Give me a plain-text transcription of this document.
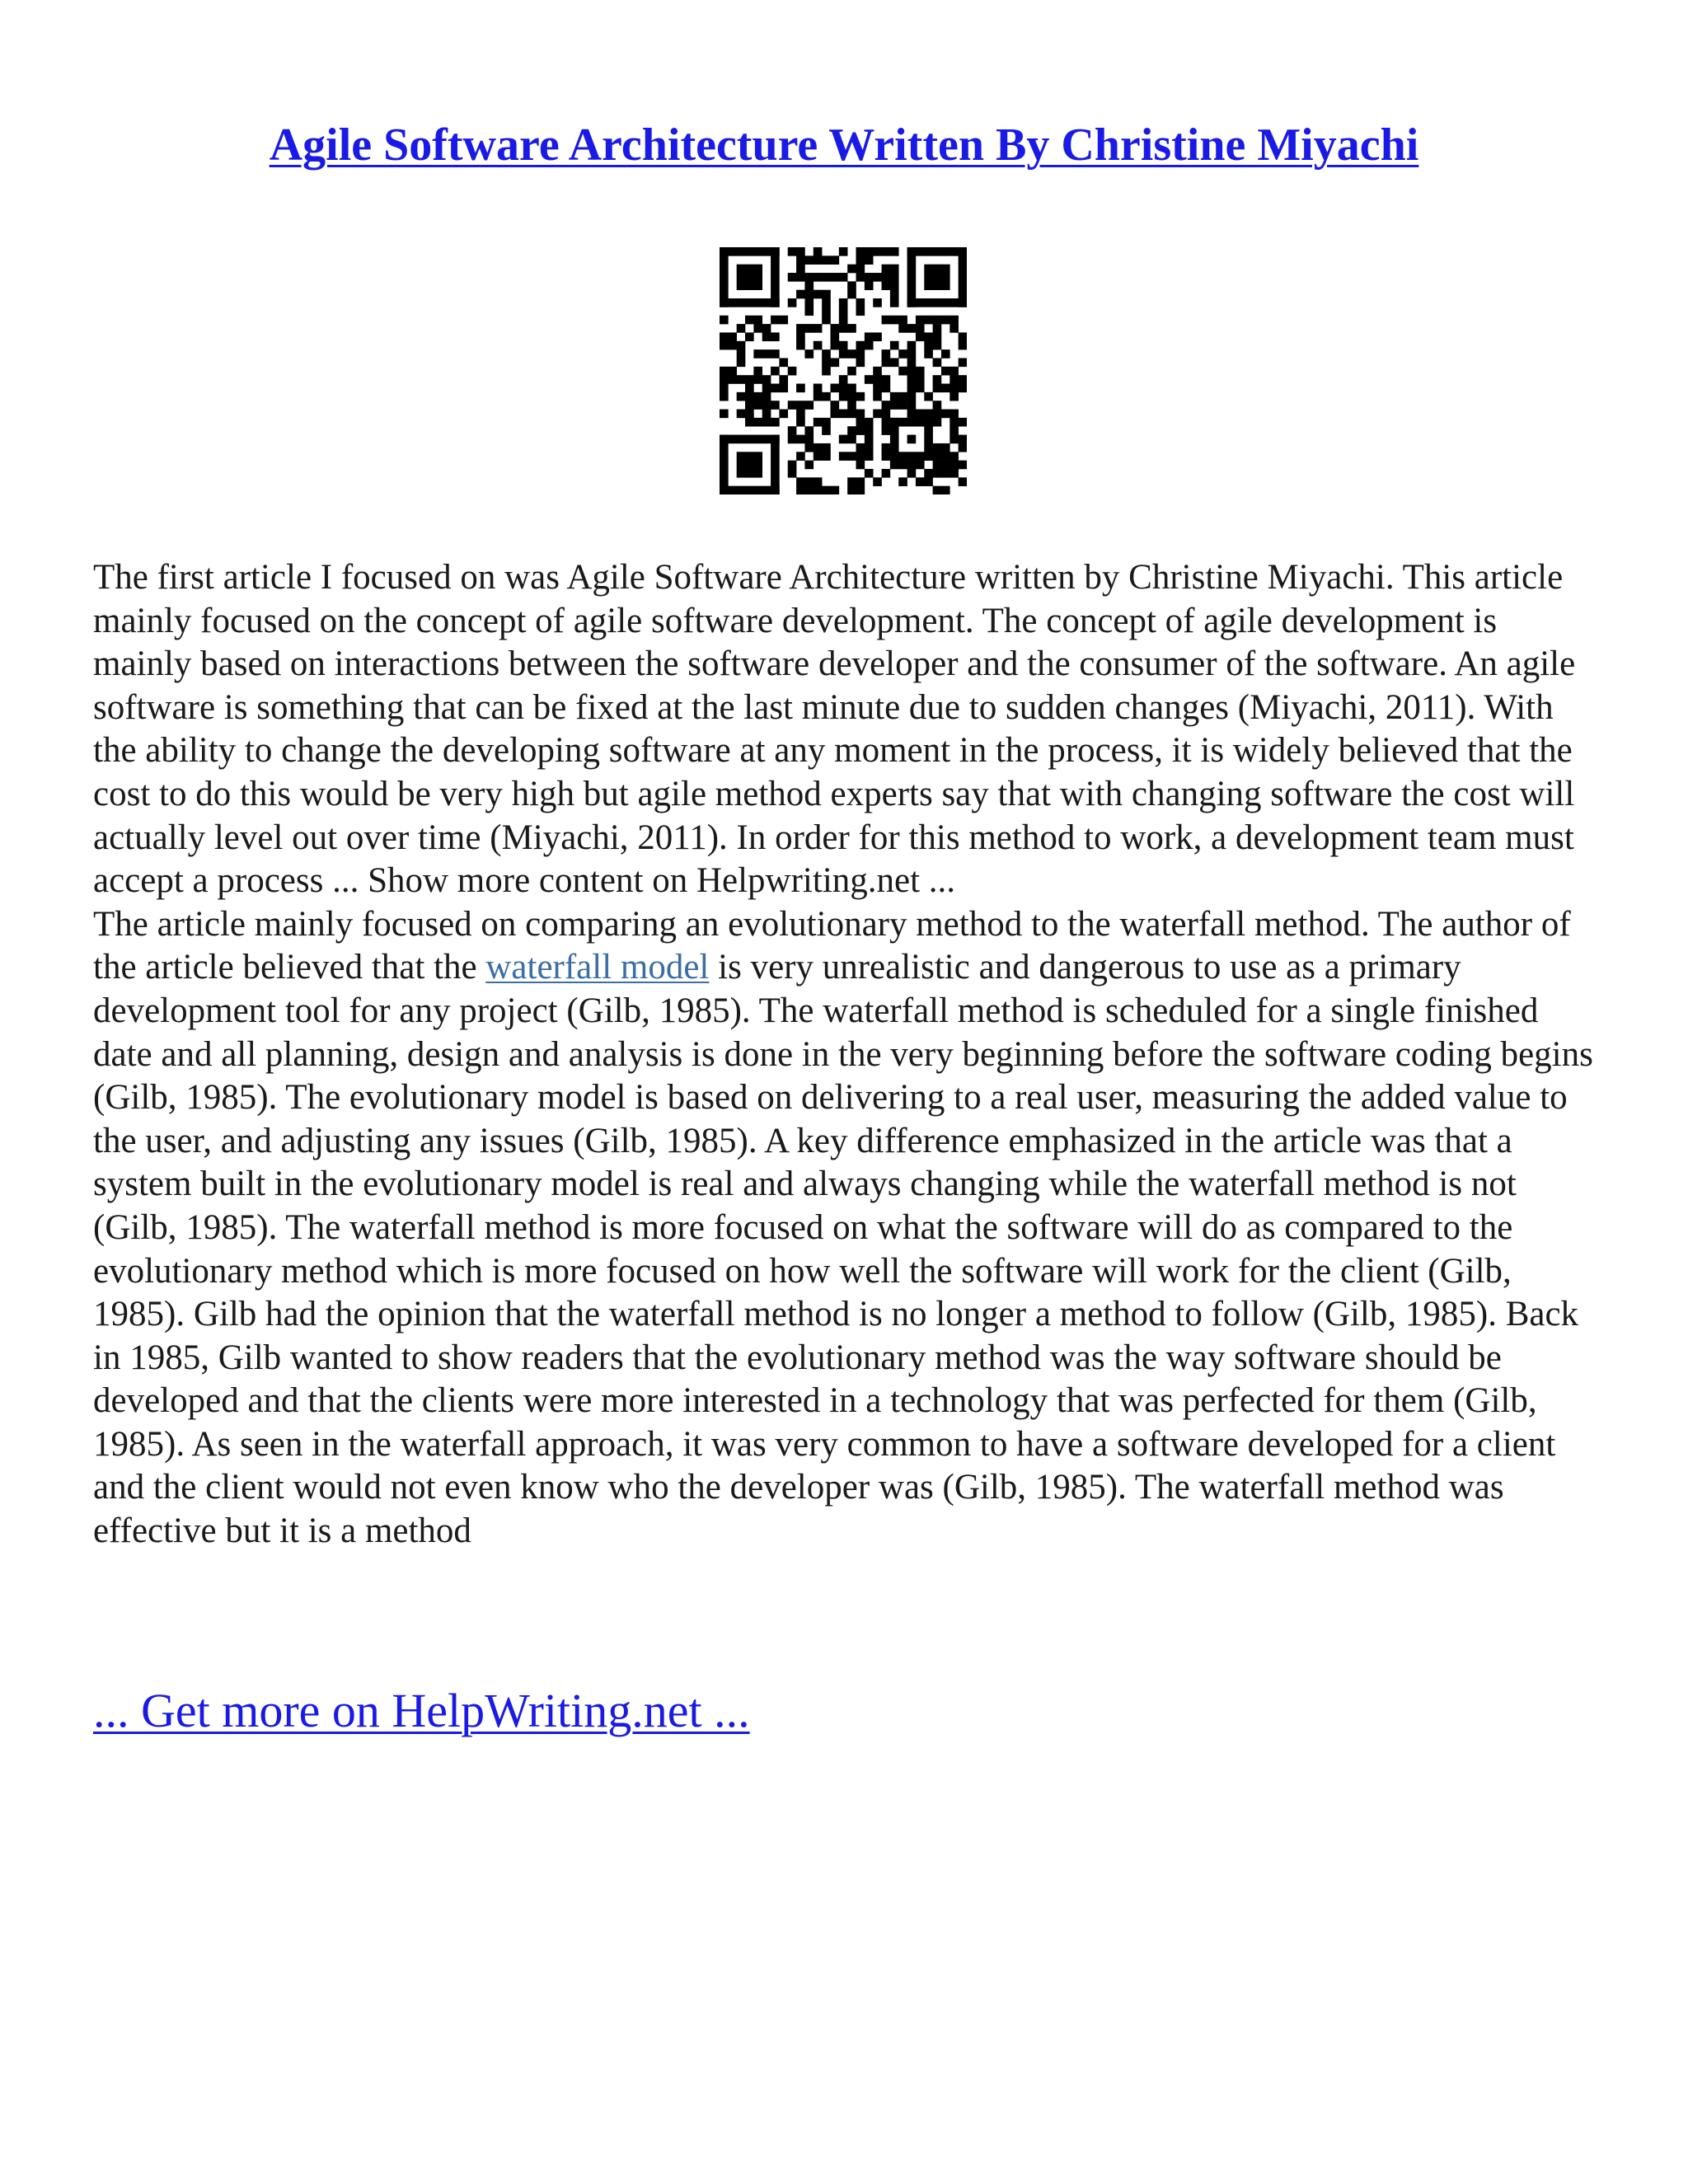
Agile Software Architecture Written By Christine Miyachi

The first article I focused on was Agile Software Architecture written by Christine Miyachi. This article mainly focused on the concept of agile software development. The concept of agile development is mainly based on interactions between the software developer and the consumer of the software. An agile software is something that can be fixed at the last minute due to sudden changes (Miyachi, 2011). With the ability to change the developing software at any moment in the process, it is widely believed that the cost to do this would be very high but agile method experts say that with changing software the cost will actually level out over time (Miyachi, 2011). In order for this method to work, a development team must accept a process ... Show more content on Helpwriting.net ...

The article mainly focused on comparing an evolutionary method to the waterfall method. The author of the article believed that the waterfall model is very unrealistic and dangerous to use as a primary development tool for any project (Gilb, 1985). The waterfall method is scheduled for a single finished date and all planning, design and analysis is done in the very beginning before the software coding begins (Gilb, 1985). The evolutionary model is based on delivering to a real user, measuring the added value to the user, and adjusting any issues (Gilb, 1985). A key difference emphasized in the article was that a system built in the evolutionary model is real and always changing while the waterfall method is not (Gilb, 1985). The waterfall method is more focused on what the software will do as compared to the evolutionary method which is more focused on how well the software will work for the client (Gilb, 1985). Gilb had the opinion that the waterfall method is no longer a method to follow (Gilb, 1985). Back in 1985, Gilb wanted to show readers that the evolutionary method was the way software should be developed and that the clients were more interested in a technology that was perfected for them (Gilb, 1985). As seen in the waterfall approach, it was very common to have a software developed for a client and the client would not even know who the developer was (Gilb, 1985). The waterfall method was effective but it is a method

... Get more on HelpWriting.net ...
